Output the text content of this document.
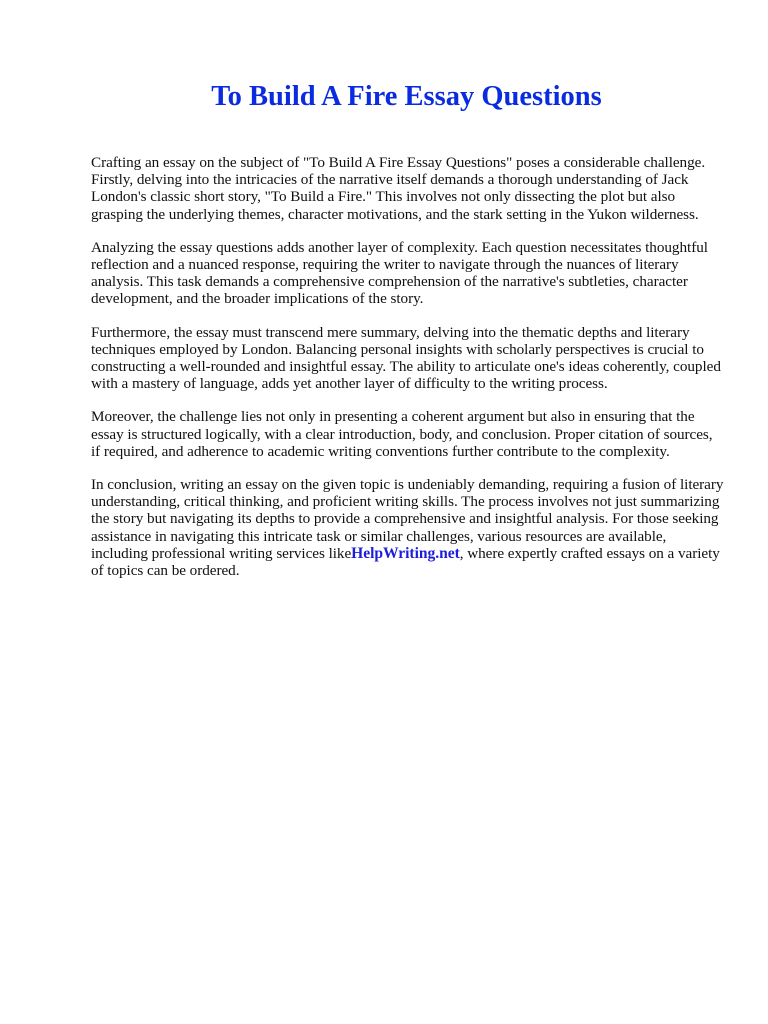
To Build A Fire Essay Questions

Crafting an essay on the subject of "To Build A Fire Essay Questions" poses a considerable challenge. Firstly, delving into the intricacies of the narrative itself demands a thorough understanding of Jack London's classic short story, "To Build a Fire." This involves not only dissecting the plot but also grasping the underlying themes, character motivations, and the stark setting in the Yukon wilderness.

Analyzing the essay questions adds another layer of complexity. Each question necessitates thoughtful reflection and a nuanced response, requiring the writer to navigate through the nuances of literary analysis. This task demands a comprehensive comprehension of the narrative's subtleties, character development, and the broader implications of the story.

Furthermore, the essay must transcend mere summary, delving into the thematic depths and literary techniques employed by London. Balancing personal insights with scholarly perspectives is crucial to constructing a well-rounded and insightful essay. The ability to articulate one's ideas coherently, coupled with a mastery of language, adds yet another layer of difficulty to the writing process.

Moreover, the challenge lies not only in presenting a coherent argument but also in ensuring that the essay is structured logically, with a clear introduction, body, and conclusion. Proper citation of sources, if required, and adherence to academic writing conventions further contribute to the complexity.

In conclusion, writing an essay on the given topic is undeniably demanding, requiring a fusion of literary understanding, critical thinking, and proficient writing skills. The process involves not just summarizing the story but navigating its depths to provide a comprehensive and insightful analysis. For those seeking assistance in navigating this intricate task or similar challenges, various resources are available, including professional writing services likeHelpWriting.net, where expertly crafted essays on a variety of topics can be ordered.
